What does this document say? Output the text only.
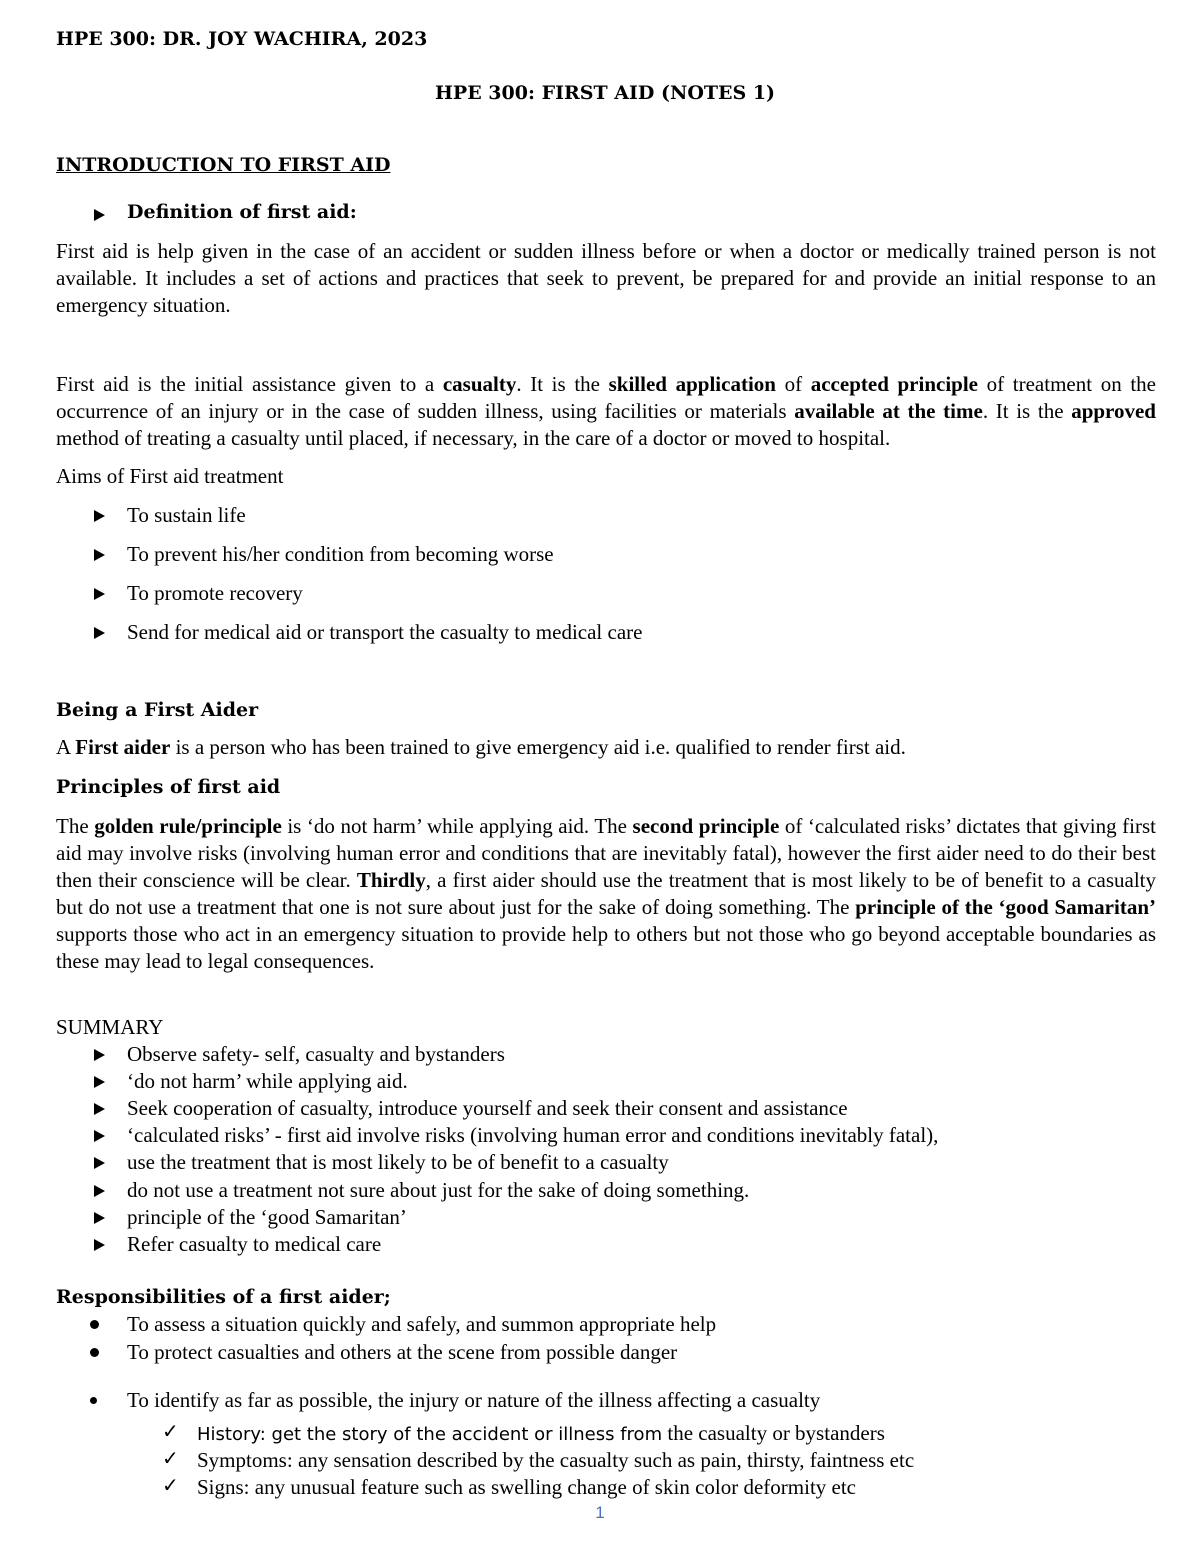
HPE 300: DR. JOY WACHIRA, 2023
HPE 300: FIRST AID (NOTES 1)
INTRODUCTION TO FIRST AID
Definition of first aid:
First aid is help given in the case of an accident or sudden illness before or when a doctor or medically trained person is not available. It includes a set of actions and practices that seek to prevent, be prepared for and provide an initial response to an emergency situation.
First aid is the initial assistance given to a casualty. It is the skilled application of accepted principle of treatment on the occurrence of an injury or in the case of sudden illness, using facilities or materials available at the time. It is the approved method of treating a casualty until placed, if necessary, in the care of a doctor or moved to hospital.
Aims of First aid treatment
To sustain life
To prevent his/her condition from becoming worse
To promote recovery
Send for medical aid or transport the casualty to medical care
Being a First Aider
A First aider is a person who has been trained to give emergency aid i.e. qualified to render first aid.
Principles of first aid
The golden rule/principle is ‘do not harm’ while applying aid. The second principle of ‘calculated risks’ dictates that giving first aid may involve risks (involving human error and conditions that are inevitably fatal), however the first aider need to do their best then their conscience will be clear. Thirdly, a first aider should use the treatment that is most likely to be of benefit to a casualty but do not use a treatment that one is not sure about just for the sake of doing something. The principle of the ‘good Samaritan’ supports those who act in an emergency situation to provide help to others but not those who go beyond acceptable boundaries as these may lead to legal consequences.
SUMMARY
Observe safety- self, casualty and bystanders
‘do not harm’ while applying aid.
Seek cooperation of casualty, introduce yourself and seek their consent and assistance
‘calculated risks’ - first aid involve risks (involving human error and conditions inevitably fatal),
use the treatment that is most likely to be of benefit to a casualty
do not use a treatment not sure about just for the sake of doing something.
principle of the ‘good Samaritan’
Refer casualty to medical care
Responsibilities of a first aider;
To assess a situation quickly and safely, and summon appropriate help
To protect casualties and others at the scene from possible danger
To identify as far as possible, the injury or nature of the illness affecting a casualty
✓ History: get the story of the accident or illness from the casualty or bystanders
✓ Symptoms: any sensation described by the casualty such as pain, thirsty, faintness etc
✓ Signs: any unusual feature such as swelling change of skin color deformity etc
1
